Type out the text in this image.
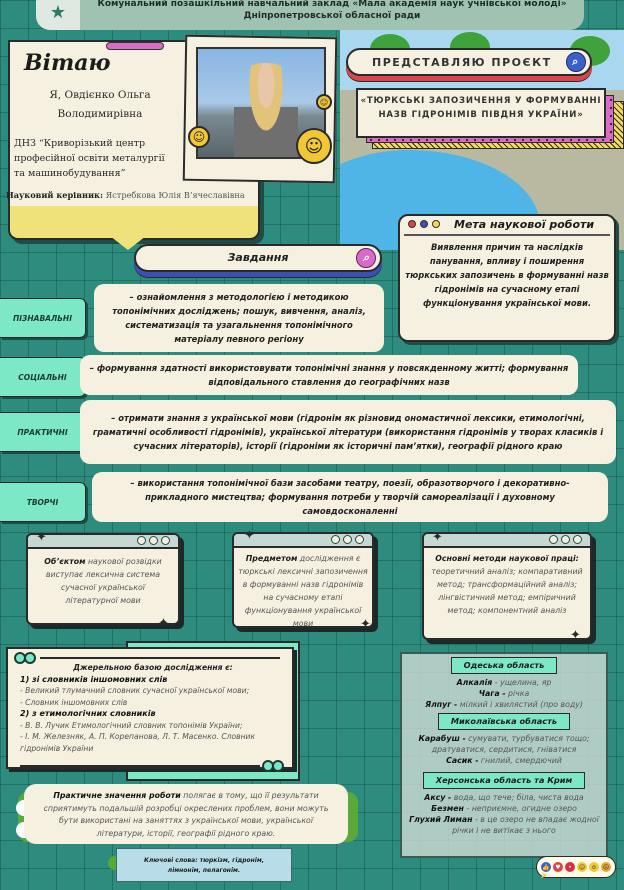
Комунальний позашкільний навчальний заклад «Мала академія наук учнівської молоді»
Дніпропетровської обласної ради
★
Вітаю
Я, Овдієнко Ольга
Володимирівна
ДНЗ “Криворізький центр професійної освіти металургії та машинобудування”
Науковий керівник: Ястребкова Юлія В’ячеславівна
☺
☺	☺
ПРЕДСТАВЛЯЮ ПРОЄКТ	⌕
«ТЮРКСЬКІ ЗАПОЗИЧЕННЯ У ФОРМУВАННІ НАЗВ ГІДРОНІМІВ ПІВДНЯ УКРАЇНИ»
Мета наукової роботи
Виявлення причин та наслідків панування, впливу і поширення тюркських запозичень в формуванні назв гідронімів на сучасному етапі функціонування української мови.
Завдання	⌕
ПІЗНАВАЛЬНІ
– ознайомлення з методологією і методикою топонімічних досліджень; пошук, вивчення, аналіз, систематизація та узагальнення топонімічного матеріалу певного регіону
СОЦІАЛЬНІ
– формування здатності використовувати топонімічні знання у повсякденному житті; формування відповідального ставлення до географічних назв
ПРАКТИЧНІ
– отримати знання з української мови (гідронім як різновид ономастичної лексики, етимологічні, граматичні особливості гідронімів), української літератури (використання гідронімів у творах класиків і сучасних літераторів), історії (гідроніми як історичні пам’ятки), географії рідного краю
ТВОРЧІ
– використання топонімічної бази засобами театру, поезії, образотворчого і декоративно-прикладного мистецтва; формування потреби у творчій самореалізації і духовному самовдосконаленні
Об’єктом наукової розвідки виступає лексична система сучасної української літературної мови
✦
✦
Предметом дослідження є тюркські лексичні запозичення в формуванні назв гідронімів на сучасному етапі функціонування української мови
✦
✦
Основні методи наукової праці: теоретичний аналіз; компаративний метод; трансформаційний аналіз; лінгвістичний метод; емпіричний метод; компонентний аналіз
✦
✦
Джерельною базою дослідження є:
1) зі словників іншомовних слів
- Великий тлумачний словник сучасної української мови;
- Словник іншомовних слів
2) з етимологічних словників
- В. В. Лучик Етимологічний словник топонімів України;
- І. М. Железняк, А. П. Корепанова, Л. Т. Масенко. Словник гідронімів України
Одеська область
Алкалія - ущелина, яр
Чага - річка
Ялпуг - мілкий і хвилястий (про воду)
Миколаївська область
Карабуш - сумувати, турбуватися тощо; дратуватися, сердитися, гніватися
Сасик - гнилий, смердючий
Херсонська область та Крим
Аксу - вода, що тече; біла, чиста вода
Безмен - неприємне, огидне озеро
Глухий Лиман - в це озеро не впадає жодної річки і не витікає з нього
Практичне значення роботи полягає в тому, що її результати сприятимуть подальшій розробці окреслених проблем, вони можуть бути використані на заняттях з української мови, української літератури, історії, географії рідного краю.
Ключові слова: тюркізм, гідронім,
лімнонім, пелагонім.	👍 ♥	•	☺	o	☹
➤
